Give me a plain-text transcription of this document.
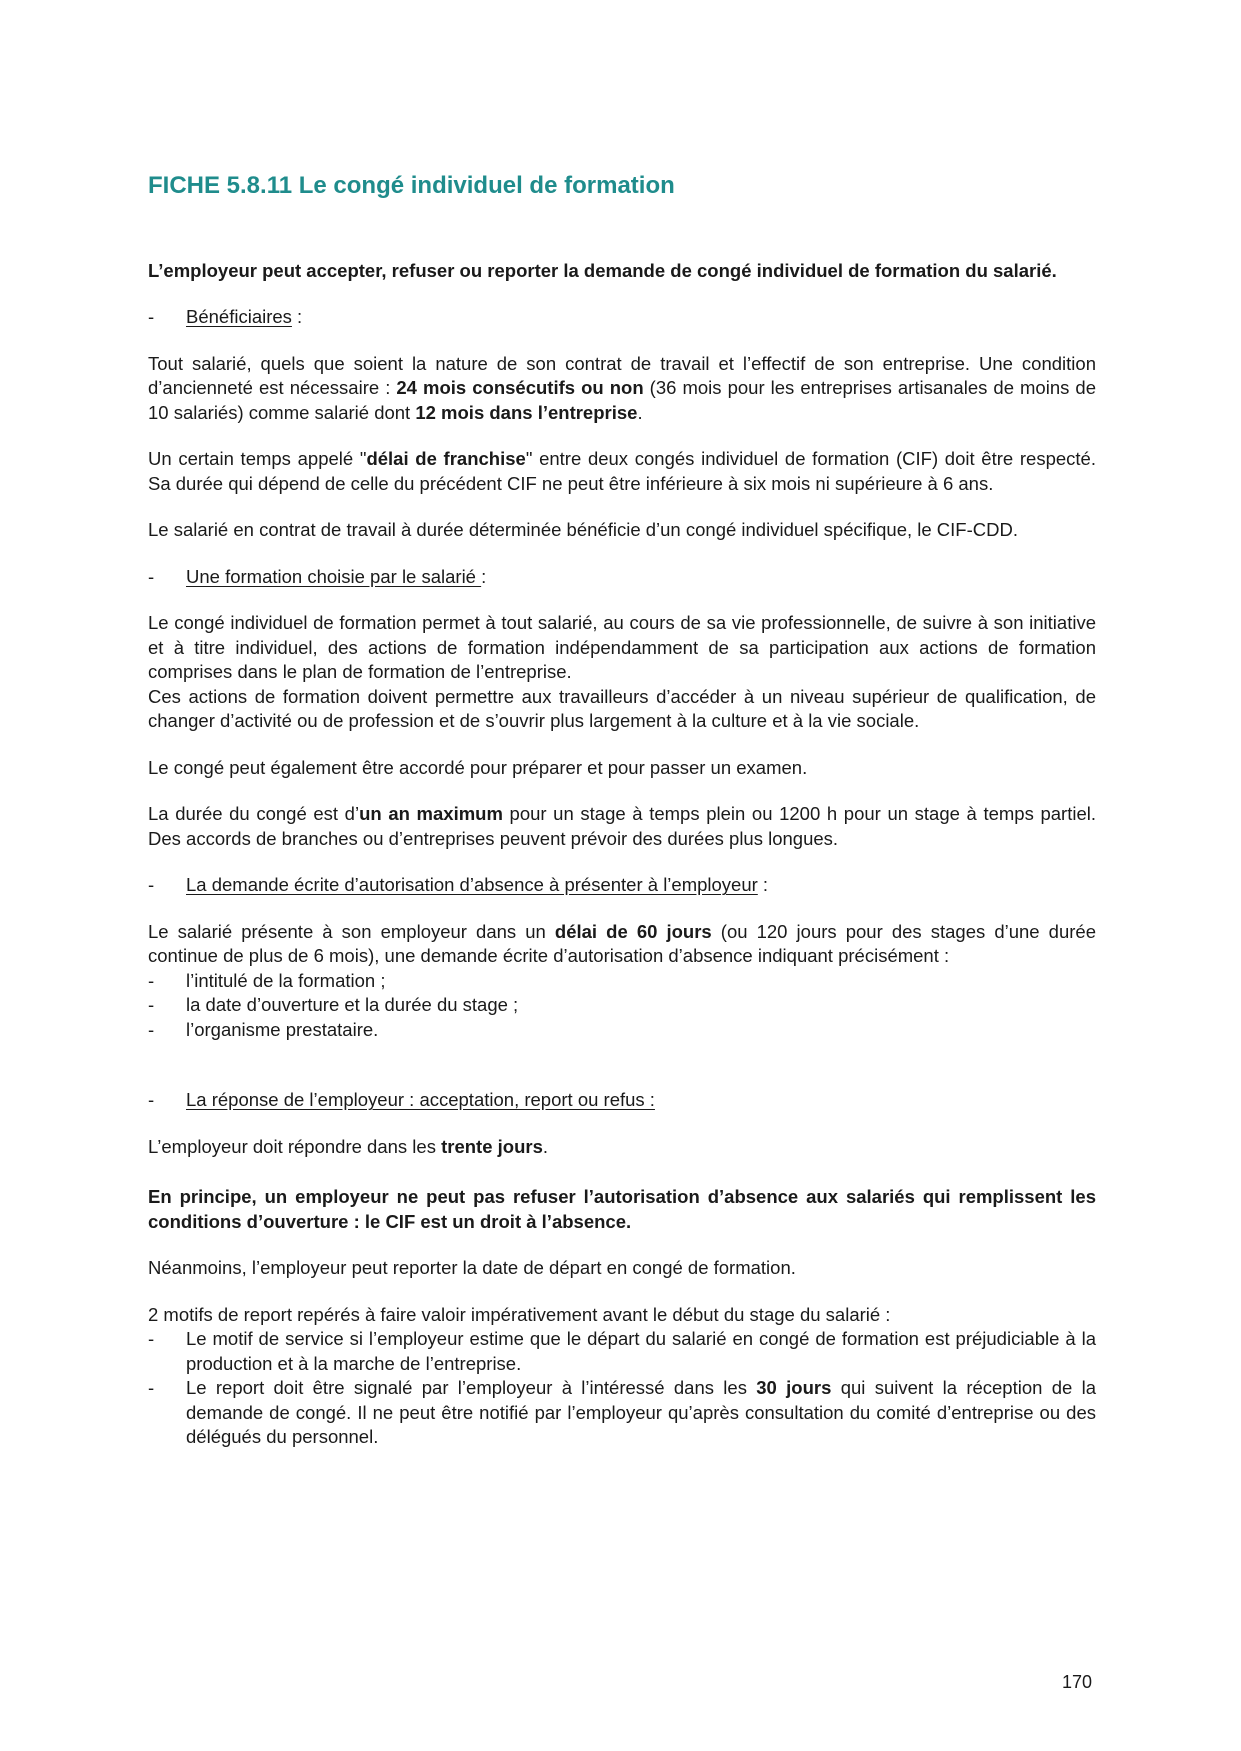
FICHE 5.8.11 Le congé individuel de formation

L’employeur peut accepter, refuser ou reporter la demande de congé individuel de formation du salarié.

- Bénéficiaires :

Tout salarié, quels que soient la nature de son contrat de travail et l’effectif de son entreprise. Une condition d’ancienneté est nécessaire : 24 mois consécutifs ou non (36 mois pour les entreprises artisanales de moins de 10 salariés) comme salarié dont 12 mois dans l’entreprise.

Un certain temps appelé "délai de franchise" entre deux congés individuel de formation (CIF) doit être respecté. Sa durée qui dépend de celle du précédent CIF ne peut être inférieure à six mois ni supérieure à 6 ans.

Le salarié en contrat de travail à durée déterminée bénéficie d’un congé individuel spécifique, le CIF-CDD.

- Une formation choisie par le salarié :

Le congé individuel de formation permet à tout salarié, au cours de sa vie professionnelle, de suivre à son initiative et à titre individuel, des actions de formation indépendamment de sa participation aux actions de formation comprises dans le plan de formation de l’entreprise.

Ces actions de formation doivent permettre aux travailleurs d’accéder à un niveau supérieur de qualification, de changer d’activité ou de profession et de s’ouvrir plus largement à la culture et à la vie sociale.

Le congé peut également être accordé pour préparer et pour passer un examen.

La durée du congé est d’un an maximum pour un stage à temps plein ou 1200 h pour un stage à temps partiel. Des accords de branches ou d’entreprises peuvent prévoir des durées plus longues.

- La demande écrite d’autorisation d’absence à présenter à l’employeur :

Le salarié présente à son employeur dans un délai de 60 jours (ou 120 jours pour des stages d’une durée continue de plus de 6 mois), une demande écrite d’autorisation d’absence indiquant précisément :

- l’intitulé de la formation ;
- la date d’ouverture et la durée du stage ;
- l’organisme prestataire.
- La réponse de l’employeur : acceptation, report ou refus :

L’employeur doit répondre dans les trente jours.

En principe, un employeur ne peut pas refuser l’autorisation d’absence aux salariés qui remplissent les conditions d’ouverture : le CIF est un droit à l’absence.

Néanmoins, l’employeur peut reporter la date de départ en congé de formation.

2 motifs de report repérés à faire valoir impérativement avant le début du stage du salarié :

- Le motif de service si l’employeur estime que le départ du salarié en congé de formation est préjudiciable à la production et à la marche de l’entreprise.
- Le report doit être signalé par l’employeur à l’intéressé dans les 30 jours qui suivent la réception de la demande de congé. Il ne peut être notifié par l’employeur qu’après consultation du comité d’entreprise ou des délégués du personnel.
170
